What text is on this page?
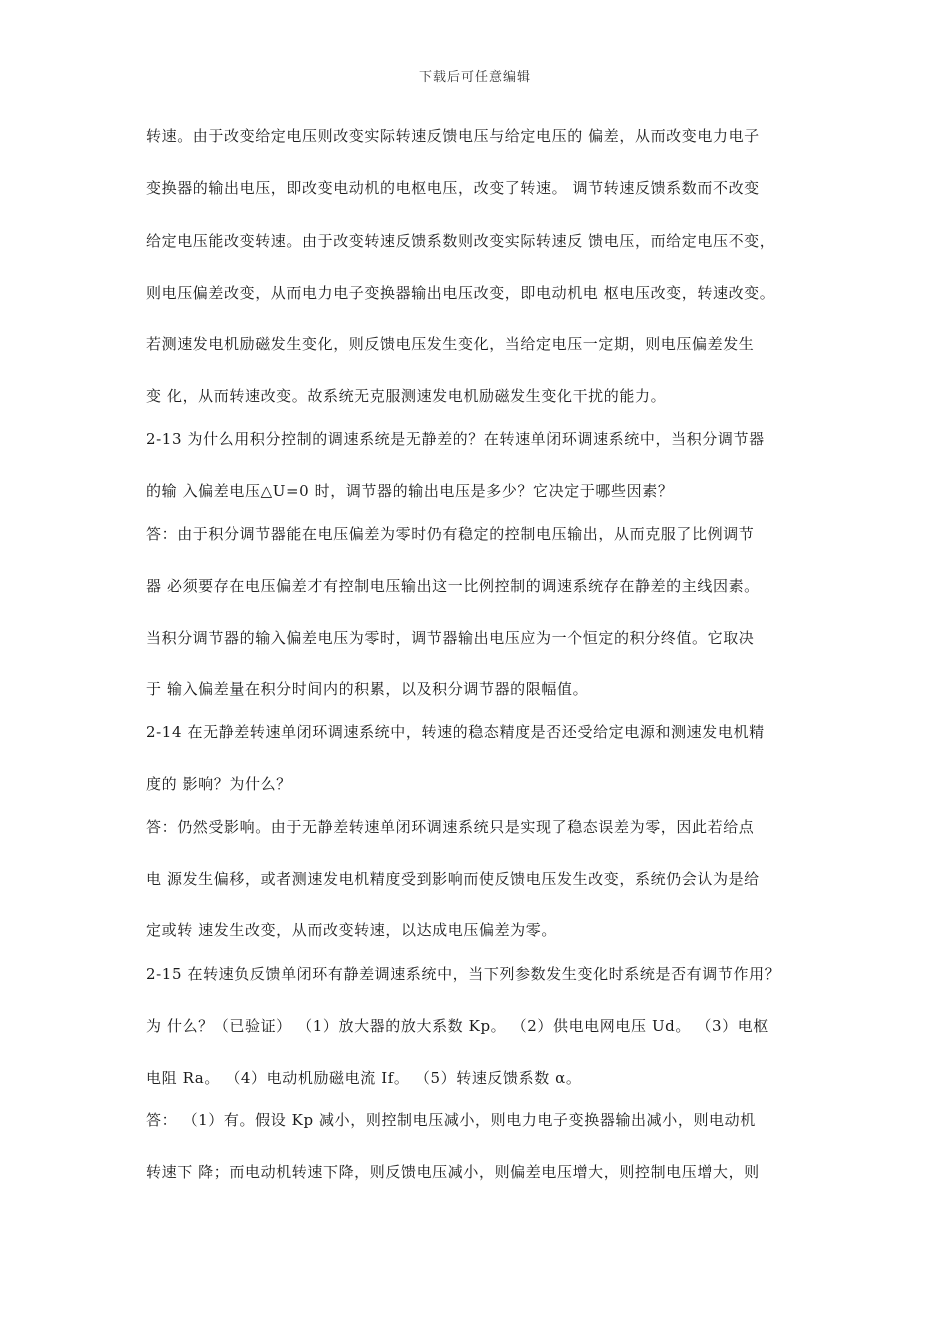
下载后可任意编辑
转速。由于改变给定电压则改变实际转速反馈电压与给定电压的 偏差，从而改变电力电子
变换器的输出电压，即改变电动机的电枢电压，改变了转速。 调节转速反馈系数而不改变
给定电压能改变转速。由于改变转速反馈系数则改变实际转速反 馈电压，而给定电压不变，
则电压偏差改变，从而电力电子变换器输出电压改变，即电动机电 枢电压改变，转速改变。
若测速发电机励磁发生变化，则反馈电压发生变化，当给定电压一定期，则电压偏差发生
变 化，从而转速改变。故系统无克服测速发电机励磁发生变化干扰的能力。
2-13 为什么用积分控制的调速系统是无静差的？在转速单闭环调速系统中，当积分调节器
的输 入偏差电压△U=0 时，调节器的输出电压是多少？它决定于哪些因素？
答：由于积分调节器能在电压偏差为零时仍有稳定的控制电压输出，从而克服了比例调节
器 必须要存在电压偏差才有控制电压输出这一比例控制的调速系统存在静差的主线因素。
当积分调节器的输入偏差电压为零时，调节器输出电压应为一个恒定的积分终值。它取决
于 输入偏差量在积分时间内的积累，以及积分调节器的限幅值。
2-14 在无静差转速单闭环调速系统中，转速的稳态精度是否还受给定电源和测速发电机精
度的 影响？为什么？
答：仍然受影响。由于无静差转速单闭环调速系统只是实现了稳态误差为零，因此若给点
电 源发生偏移，或者测速发电机精度受到影响而使反馈电压发生改变，系统仍会认为是给
定或转 速发生改变，从而改变转速，以达成电压偏差为零。
2-15 在转速负反馈单闭环有静差调速系统中，当下列参数发生变化时系统是否有调节作用？
为 什么？（已验证） （1）放大器的放大系数 Kp。 （2）供电电网电压 Ud。 （3）电枢
电阻 Ra。 （4）电动机励磁电流 If。 （5）转速反馈系数 α。
答： （1）有。假设 Kp 减小，则控制电压减小，则电力电子变换器输出减小，则电动机
转速下 降；而电动机转速下降，则反馈电压减小，则偏差电压增大，则控制电压增大，则
